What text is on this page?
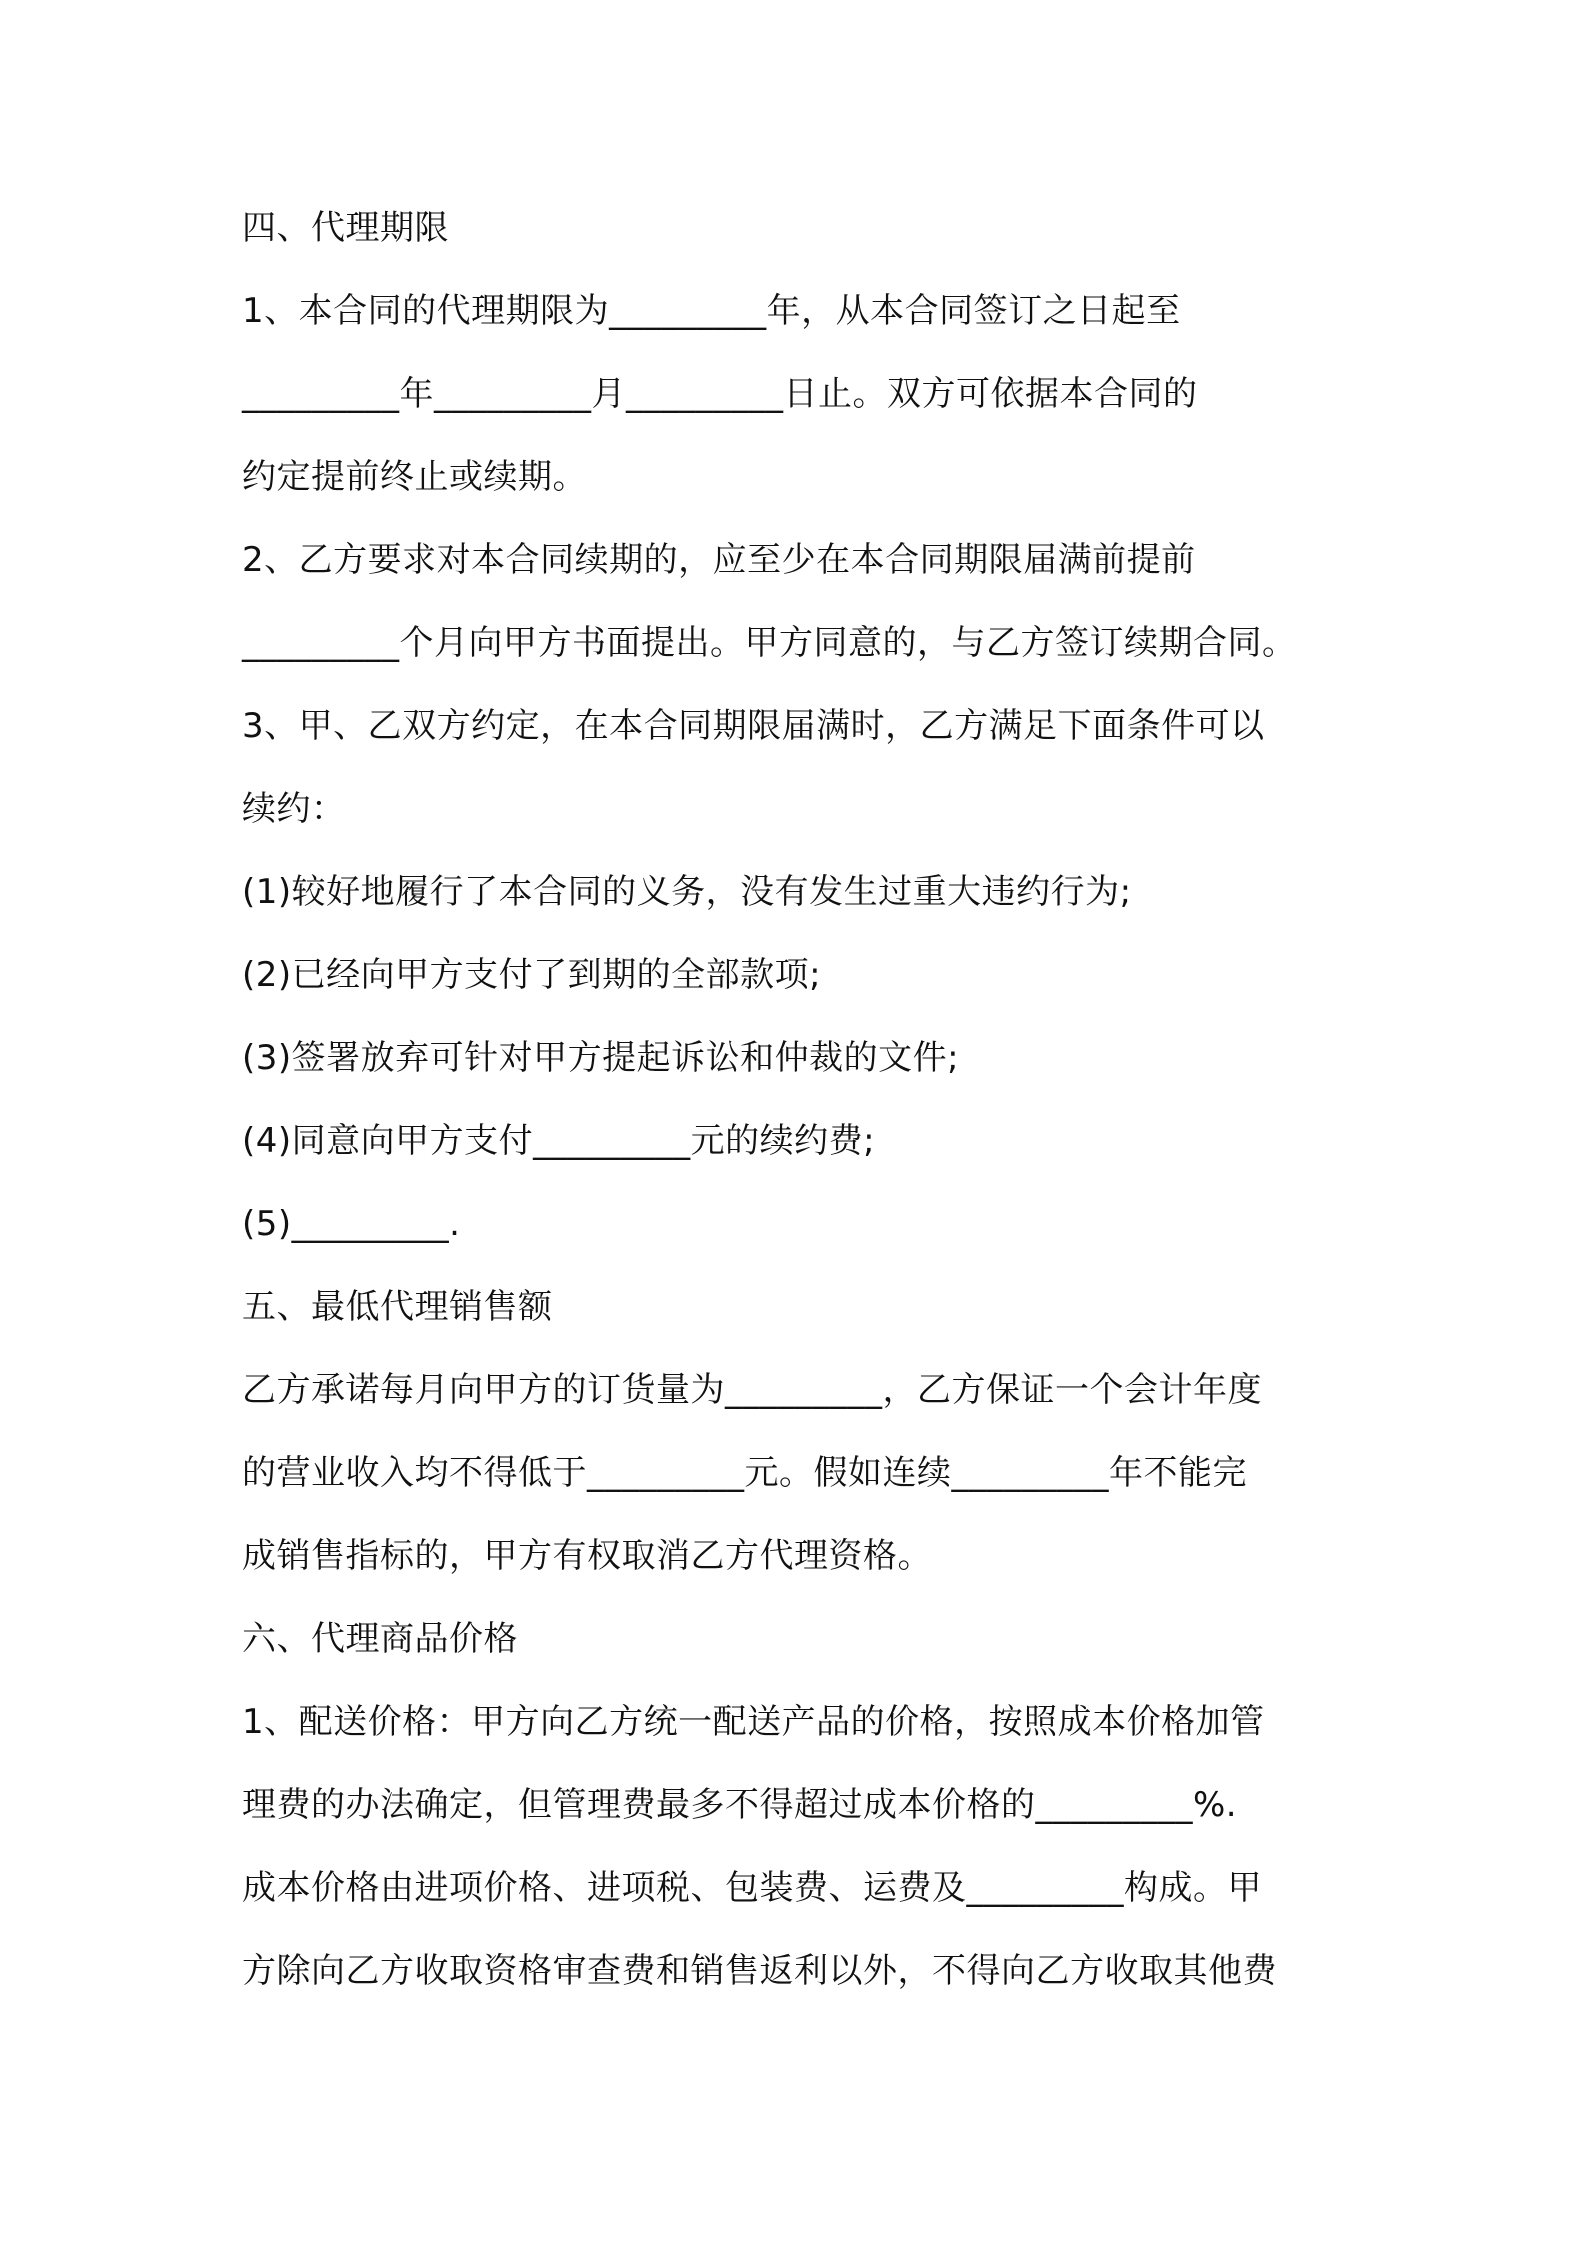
四、代理期限
1、本合同的代理期限为_________年，从本合同签订之日起至
_________年_________月_________日止。双方可依据本合同的
约定提前终止或续期。
2、乙方要求对本合同续期的，应至少在本合同期限届满前提前
_________个月向甲方书面提出。甲方同意的，与乙方签订续期合同。
3、甲、乙双方约定，在本合同期限届满时，乙方满足下面条件可以
续约：
(1)较好地履行了本合同的义务，没有发生过重大违约行为;
(2)已经向甲方支付了到期的全部款项;
(3)签署放弃可针对甲方提起诉讼和仲裁的文件;
(4)同意向甲方支付_________元的续约费;
(5)_________.
五、最低代理销售额
乙方承诺每月向甲方的订货量为_________，乙方保证一个会计年度
的营业收入均不得低于_________元。假如连续_________年不能完
成销售指标的，甲方有权取消乙方代理资格。
六、代理商品价格
1、配送价格：甲方向乙方统一配送产品的价格，按照成本价格加管
理费的办法确定，但管理费最多不得超过成本价格的_________%.
成本价格由进项价格、进项税、包装费、运费及_________构成。甲
方除向乙方收取资格审查费和销售返利以外，不得向乙方收取其他费
